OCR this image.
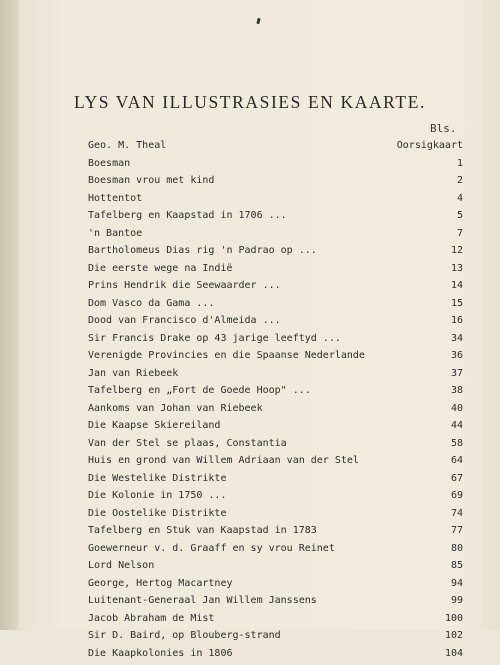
LYS VAN ILLUSTRASIES EN KAARTE.
Bls.
Geo. M. Theal	Oorsigkaart
Boesman	1
Boesman vrou met kind	2
Hottentot	4
Tafelberg en Kaapstad in 1706 ...	5
'n Bantoe	7
Bartholomeus Dias rig 'n Padrao op ...	12
Die eerste wege na Indië	13
Prins Hendrik die Seewaarder ...	14
Dom Vasco da Gama ...	15
Dood van Francisco d'Almeida ...	16
Sir Francis Drake op 43 jarige leeftyd ...	34
Verenigde Provincies en die Spaanse Nederlande	36
Jan van Riebeek	37
Tafelberg en „Fort de Goede Hoop" ...	38
Aankoms van Johan van Riebeek	40
Die Kaapse Skiereiland	44
Van der Stel se plaas, Constantia	58
Huis en grond van Willem Adriaan van der Stel	64
Die Westelike Distrikte	67
Die Kolonie in 1750 ...	69
Die Oostelike Distrikte	74
Tafelberg en Stuk van Kaapstad in 1783	77
Goewerneur v. d. Graaff en sy vrou Reinet	80
Lord Nelson	85
George, Hertog Macartney	94
Luitenant-Generaal Jan Willem Janssens	99
Jacob Abraham de Mist	100
Sir D. Baird, op Blouberg-strand	102
Die Kaapkolonies in 1806	104
